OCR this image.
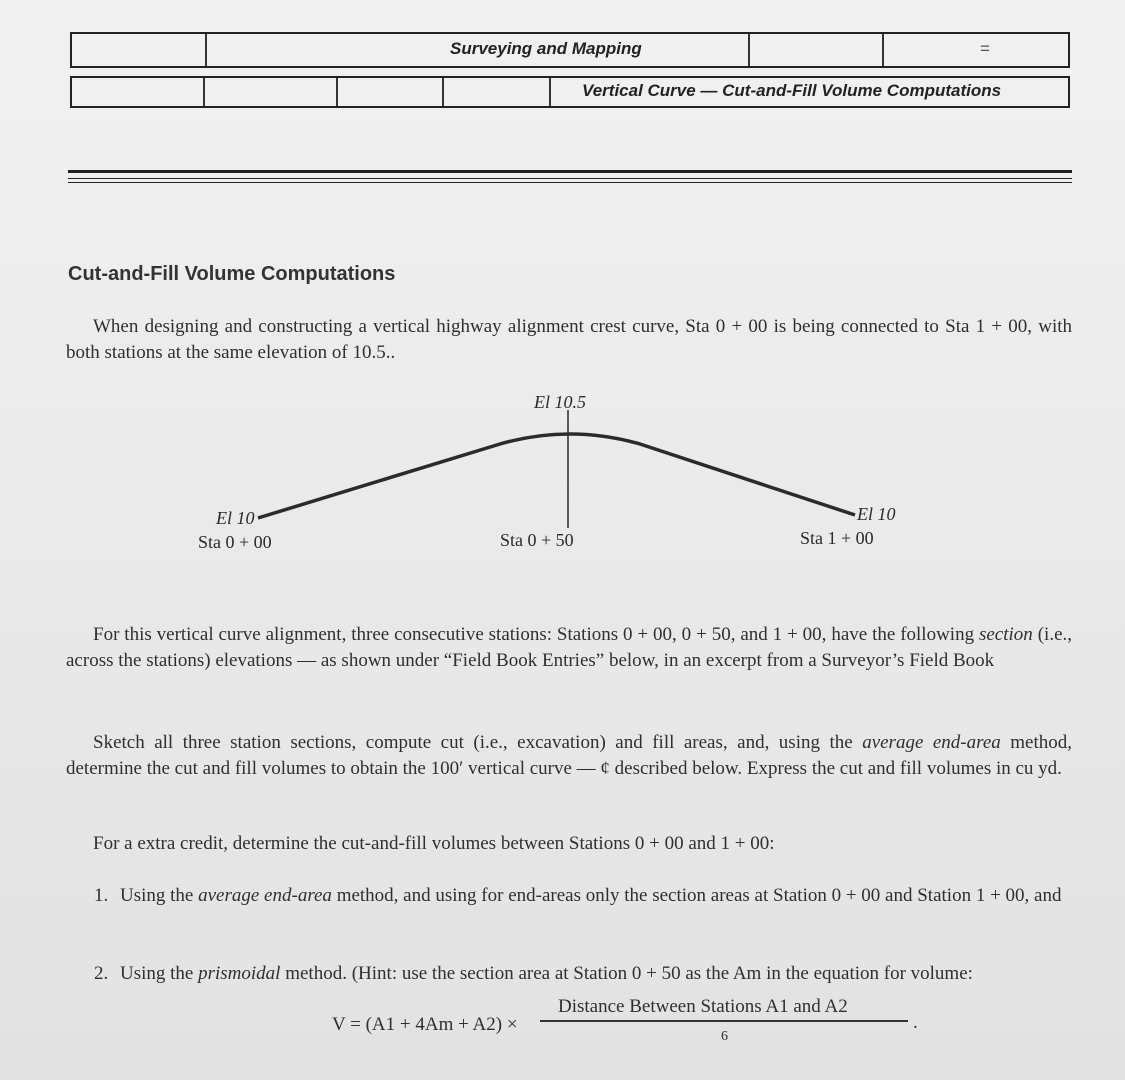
Surveying and Mapping	=
Vertical Curve — Cut-and-Fill Volume Computations
Cut-and-Fill Volume Computations
When designing and constructing a vertical highway alignment crest curve, Sta 0 + 00 is being connected to Sta 1 + 00, with both stations at the same elevation of 10.5..
El 10.5
El 10
Sta 0 + 00	Sta 0 + 50
El 10
Sta 1 + 00
For this vertical curve alignment, three consecutive stations: Stations 0 + 00, 0 + 50, and 1 + 00, have the following section (i.e., across the stations) elevations — as shown under “Field Book Entries” below, in an excerpt from a Surveyor’s Field Book
Sketch all three station sections, compute cut (i.e., excavation) and fill areas, and, using the average end-area method, determine the cut and fill volumes to obtain the 100′ vertical curve — ¢ described below. Express the cut and fill volumes in cu yd.
For a extra credit, determine the cut-and-fill volumes between Stations 0 + 00 and 1 + 00:
1. Using the average end-area method, and using for end-areas only the section areas at Station 0 + 00 and Station 1 + 00, and
2. Using the prismoidal method. (Hint: use the section area at Station 0 + 50 as the Am in the equation for volume:
V = (A1 + 4Am + A2) ×
Distance Between Stations A1 and A2
6
.
